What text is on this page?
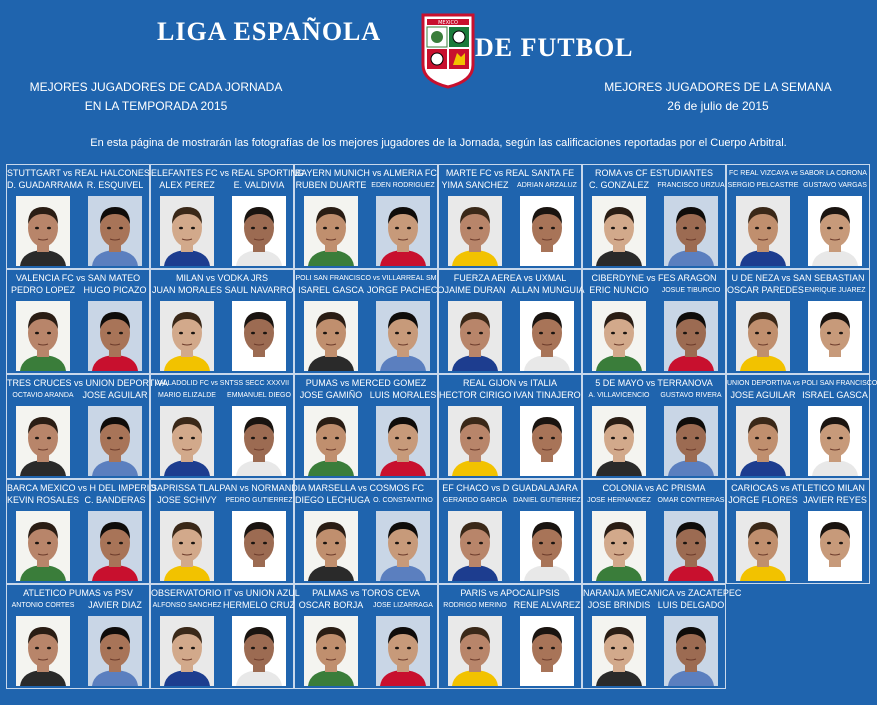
LIGA ESPAÑOLA	MEXICO
DE FUTBOL
MEJORES JUGADORES DE CADA JORNADA
EN LA TEMPORADA 2015
MEJORES JUGADORES DE LA SEMANA
26 de julio de 2015
En esta página de mostrarán las fotografías de los mejores jugadores de la Jornada, según las calificaciones reportadas por el Cuerpo Arbitral.
STUTTGART vs REAL HALCONES
D. GUADARRAMA R. ESQUIVEL
ELEFANTES FC vs REAL SPORTING
ALEX PEREZ	E. VALDIVIA
BAYERN MUNICH vs ALMERIA FC
RUBEN DUARTE EDEN RODRIGUEZ
MARTE FC vs REAL SANTA FE
YIMA SANCHEZ	ADRIAN ARZALUZ
ROMA vs CF ESTUDIANTES
C. GONZALEZ	FRANCISCO URZUA
FC REAL VIZCAYA vs SABOR LA CORONA
SERGIO PELCASTRE GUSTAVO VARGAS
VALENCIA FC vs SAN MATEO
PEDRO LOPEZ HUGO PICAZO
MILAN vs VODKA JRS
JUAN MORALES SAUL NAVARRO
POLI SAN FRANCISCO vs VILLARREAL SM
ISAREL GASCA JORGE PACHECO
FUERZA AEREA vs UXMAL
JAIME DURAN ALLAN MUNGUIA
CIBERDYNE vs FES ARAGON
ERIC NUNCIO	JOSUE TIBURCIO
U DE NEZA vs SAN SEBASTIAN
OSCAR PAREDES ENRIQUE JUAREZ
TRES CRUCES vs UNION DEPORTIVA
OCTAVIO ARANDA JOSE AGUILAR
VALLADOLID FC vs SNTSS SECC XXXVII
MARIO ELIZALDE	EMMANUEL DIEGO
PUMAS vs MERCED GOMEZ
JOSE GAMIÑO LUIS MORALES
REAL GIJON vs ITALIA
HECTOR CIRIGO IVAN TINAJERO
5 DE MAYO vs TERRANOVA
A. VILLAVICENCIO	GUSTAVO RIVERA
UNION DEPORTIVA vs POLI SAN FRANCISCO
JOSE AGUILAR ISRAEL GASCA
BARCA MEXICO vs H DEL IMPERIO
KEVIN ROSALES C. BANDERAS
SAPRISSA TLALPAN vs NORMANDIA
JOSE SCHIVY	PEDRO GUTIERREZ
MARSELLA vs COSMOS FC
DIEGO LECHUGA O. CONSTANTINO
EF CHACO vs D GUADALAJARA
GERARDO GARCIA DANIEL GUTIERREZ
COLONIA vs AC PRISMA
JOSE HERNANDEZ OMAR CONTRERAS
CARIOCAS vs ATLETICO MILAN
JORGE FLORES JAVIER REYES
ATLETICO PUMAS vs PSV
ANTONIO CORTES	JAVIER DIAZ
OBSERVATORIO IT vs UNION AZUL
ALFONSO SANCHEZ HERMELO CRUZ
PALMAS vs TOROS CEVA
OSCAR BORJA	JOSE LIZARRAGA
PARIS vs APOCALIPSIS
RODRIGO MERINO RENE ALVAREZ
NARANJA MECANICA vs ZACATEPEC
JOSE BRINDIS LUIS DELGADO
